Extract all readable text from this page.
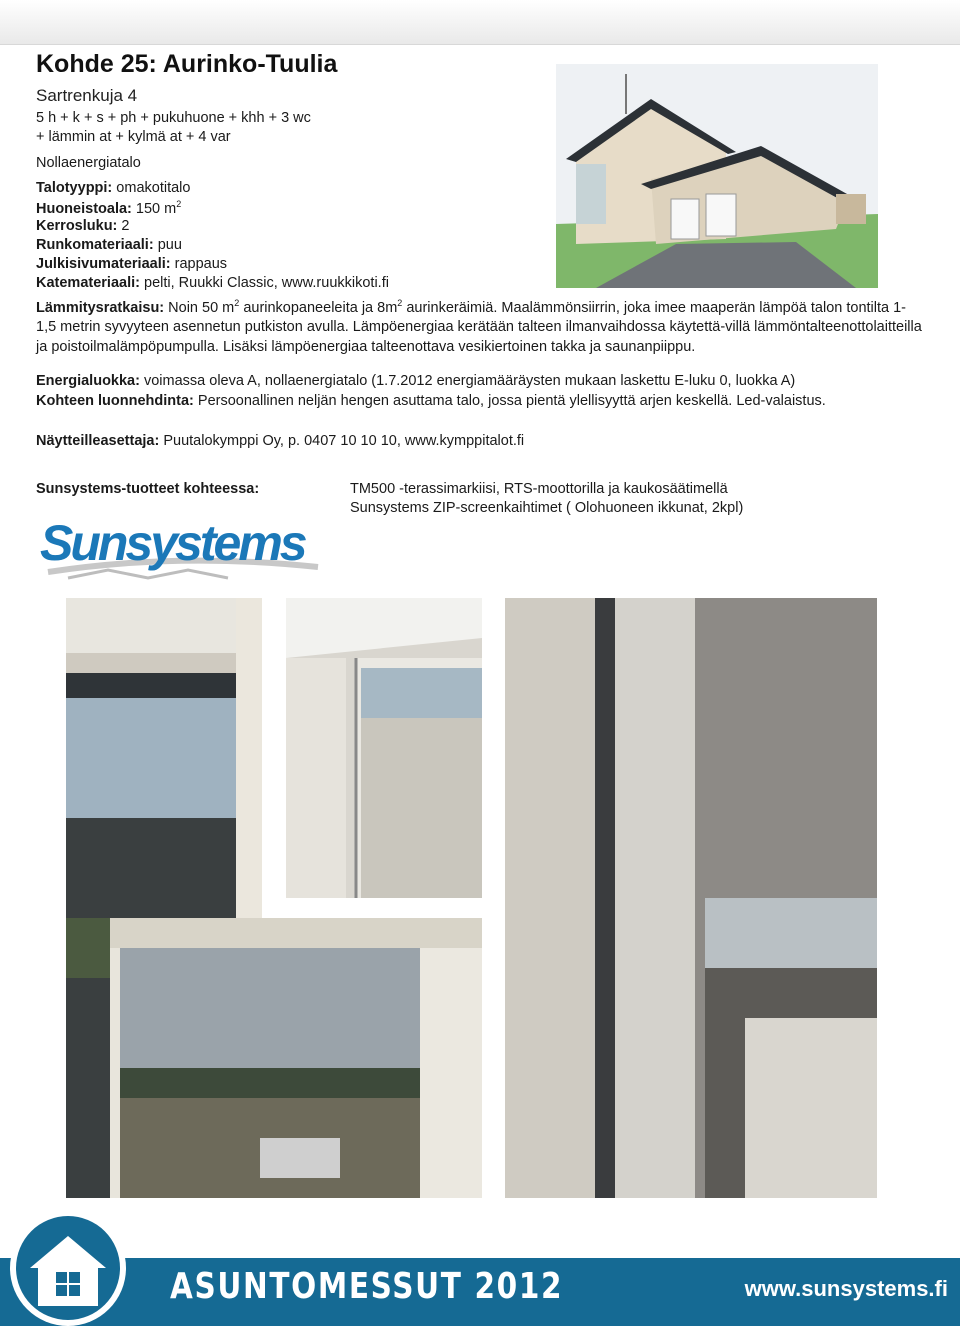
Kohde 25: Aurinko-Tuulia
Sartrenkuja 4
5 h + k + s + ph + pukuhuone + khh + 3 wc
+ lämmin at + kylmä at + 4 var
Nollaenergiatalo
Talotyyppi: omakotitalo
Huoneistoala: 150 $m^2$
Kerrosluku: 2
Runkomateriaali: puu
Julkisivumateriaali: rappaus
Katemateriaali: pelti, Ruukki Classic, www.ruukkikoti.fi
Lämmitysratkaisu: Noin 50 $m^2$ aurinkopaneeleita ja $8m^2$ aurinkeräimiä. Maalämmönsiirrin, joka imee maaperän lämpöä talon tontilta 1-1,5 metrin syvyyteen asennetun putkiston avulla. Lämpöenergiaa kerätään talteen ilmanvaihdossa käytettä-villä lämmöntalteenottolaitteilla ja poistoilmalämpöpumpulla. Lisäksi lämpöenergiaa talteenottava vesikiertoinen takka ja saunanpiippu.
Energialuokka: voimassa oleva A, nollaenergiatalo (1.7.2012 energiamääräysten mukaan laskettu E-luku 0, luokka A)
Kohteen luonnehdinta: Persoonallinen neljän hengen asuttama talo, jossa pientä ylellisyyttä arjen keskellä. Led-valaistus.
Näytteilleasettaja: Puutalokymppi Oy, p. 0407 10 10 10, www.kymppitalot.fi
Sunsystems-tuotteet kohteessa:	TM500 -terassimarkiisi, RTS-moottorilla ja kaukosäätimellä
Sunsystems ZIP-screenkaihtimet ( Olohuoneen ikkunat, 2kpl)
Sunsystems
ASUNTOMESSUT 2012	www.sunsystems.fi
